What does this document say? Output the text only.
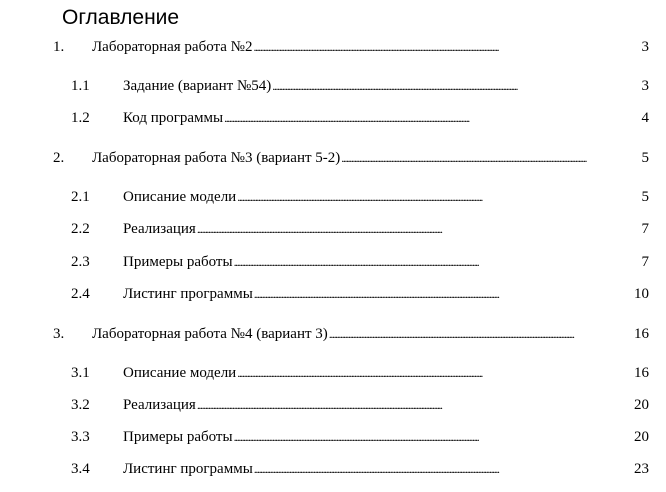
Оглавление
1. Лабораторная работа №2 . . .	3
1.1 Задание (вариант №54) . . .	3
1.2 Код программы . . .	4
2. Лабораторная работа №3 (вариант 5-2) . . .	5
2.1 Описание модели . . .	5
2.2 Реализация . . .	7
2.3 Примеры работы . . .	7
2.4 Листинг программы . . .	10
3. Лабораторная работа №4 (вариант 3) . . .	16
3.1 Описание модели . . .	16
3.2 Реализация . . .	20
3.3 Примеры работы . . .	20
3.4 Листинг программы . . .	23
